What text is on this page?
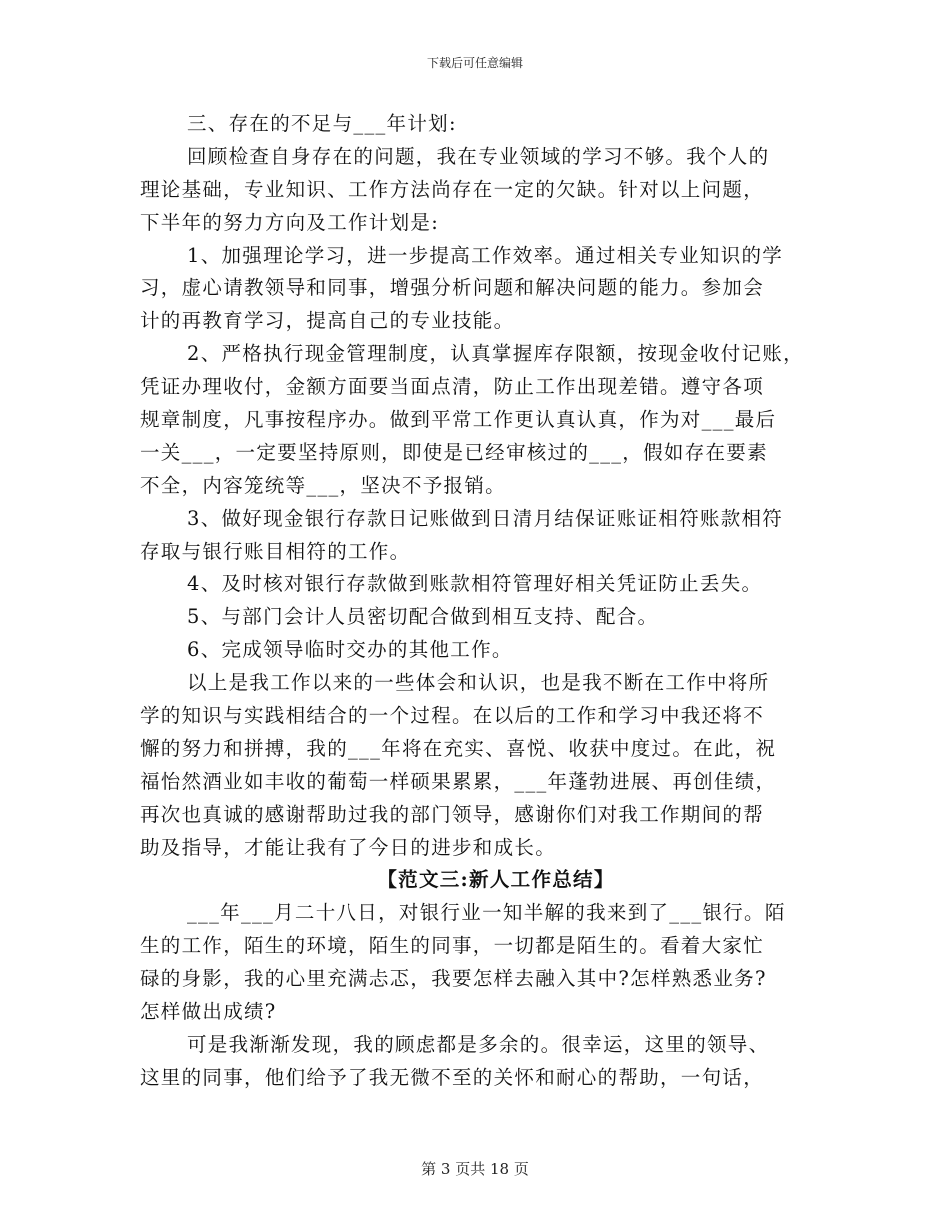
下载后可任意编辑
三、存在的不足与___年计划:
回顾检查自身存在的问题，我在专业领域的学习不够。我个人的
理论基础，专业知识、工作方法尚存在一定的欠缺。针对以上问题，
下半年的努力方向及工作计划是:
1、加强理论学习，进一步提高工作效率。通过相关专业知识的学
习，虚心请教领导和同事，增强分析问题和解决问题的能力。参加会
计的再教育学习，提高自己的专业技能。
2、严格执行现金管理制度，认真掌握库存限额，按现金收付记账，
凭证办理收付，金额方面要当面点清，防止工作出现差错。遵守各项
规章制度，凡事按程序办。做到平常工作更认真认真，作为对___最后
一关___，一定要坚持原则，即使是已经审核过的___，假如存在要素
不全，内容笼统等___，坚决不予报销。
3、做好现金银行存款日记账做到日清月结保证账证相符账款相符
存取与银行账目相符的工作。
4、及时核对银行存款做到账款相符管理好相关凭证防止丢失。
5、与部门会计人员密切配合做到相互支持、配合。
6、完成领导临时交办的其他工作。
以上是我工作以来的一些体会和认识，也是我不断在工作中将所
学的知识与实践相结合的一个过程。在以后的工作和学习中我还将不
懈的努力和拼搏，我的___年将在充实、喜悦、收获中度过。在此，祝
福怡然酒业如丰收的葡萄一样硕果累累，___年蓬勃进展、再创佳绩，
再次也真诚的感谢帮助过我的部门领导，感谢你们对我工作期间的帮
助及指导，才能让我有了今日的进步和成长。
【范文三:新人工作总结】
___年___月二十八日，对银行业一知半解的我来到了___银行。陌
生的工作，陌生的环境，陌生的同事，一切都是陌生的。看着大家忙
碌的身影，我的心里充满忐忑，我要怎样去融入其中?怎样熟悉业务?
怎样做出成绩?
可是我渐渐发现，我的顾虑都是多余的。很幸运，这里的领导、
这里的同事，他们给予了我无微不至的关怀和耐心的帮助，一句话，
第 3 页共 18 页
